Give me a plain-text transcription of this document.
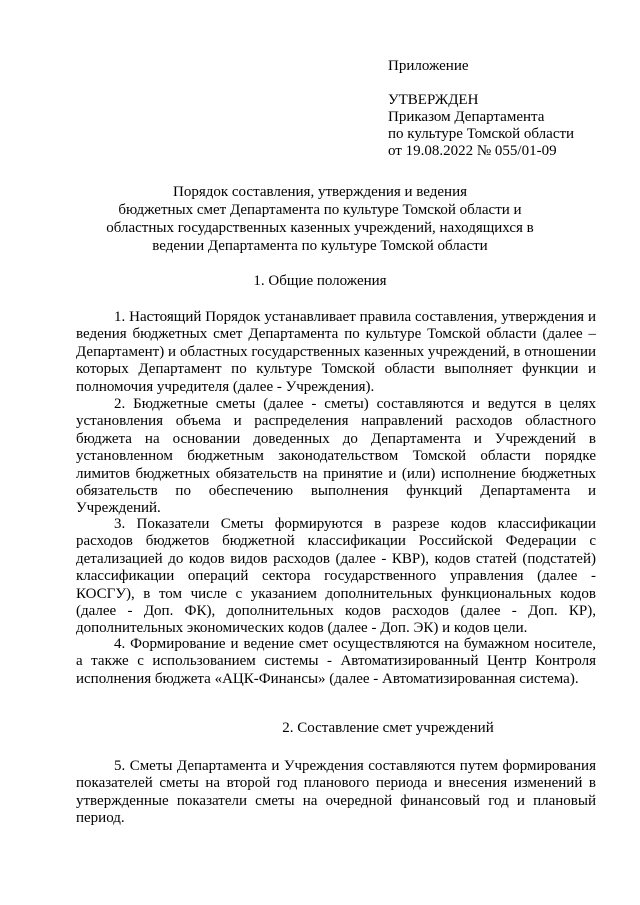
Приложение
УТВЕРЖДЕН
Приказом Департамента
по культуре Томской области
от 19.08.2022 № 055/01-09
Порядок составления, утверждения и ведения
бюджетных смет Департамента по культуре Томской области и
областных государственных казенных учреждений, находящихся в
ведении Департамента по культуре Томской области
1. Общие положения
1. Настоящий Порядок устанавливает правила составления, утверждения и ведения бюджетных смет Департамента по культуре Томской области (далее – Департамент) и областных государственных казенных учреждений, в отношении которых Департамент по культуре Томской области выполняет функции и полномочия учредителя (далее - Учреждения).
2. Бюджетные сметы (далее - сметы) составляются и ведутся в целях установления объема и распределения направлений расходов областного бюджета на основании доведенных до Департамента и Учреждений в установленном бюджетным законодательством Томской области порядке лимитов бюджетных обязательств на принятие и (или) исполнение бюджетных обязательств по обеспечению выполнения функций Департамента и Учреждений.
3. Показатели Сметы формируются в разрезе кодов классификации расходов бюджетов бюджетной классификации Российской Федерации с детализацией до кодов видов расходов (далее - КВР), кодов статей (подстатей) классификации операций сектора государственного управления (далее - КОСГУ), в том числе с указанием дополнительных функциональных кодов (далее - Доп. ФК), дополнительных кодов расходов (далее - Доп. КР), дополнительных экономических кодов (далее - Доп. ЭК) и кодов цели.
4. Формирование и ведение смет осуществляются на бумажном носителе, а также с использованием системы - Автоматизированный Центр Контроля исполнения бюджета «АЦК-Финансы» (далее - Автоматизированная система).
2. Составление смет учреждений
5. Сметы Департамента и Учреждения составляются путем формирования показателей сметы на второй год планового периода и внесения изменений в утвержденные показатели сметы на очередной финансовый год и плановый период.
